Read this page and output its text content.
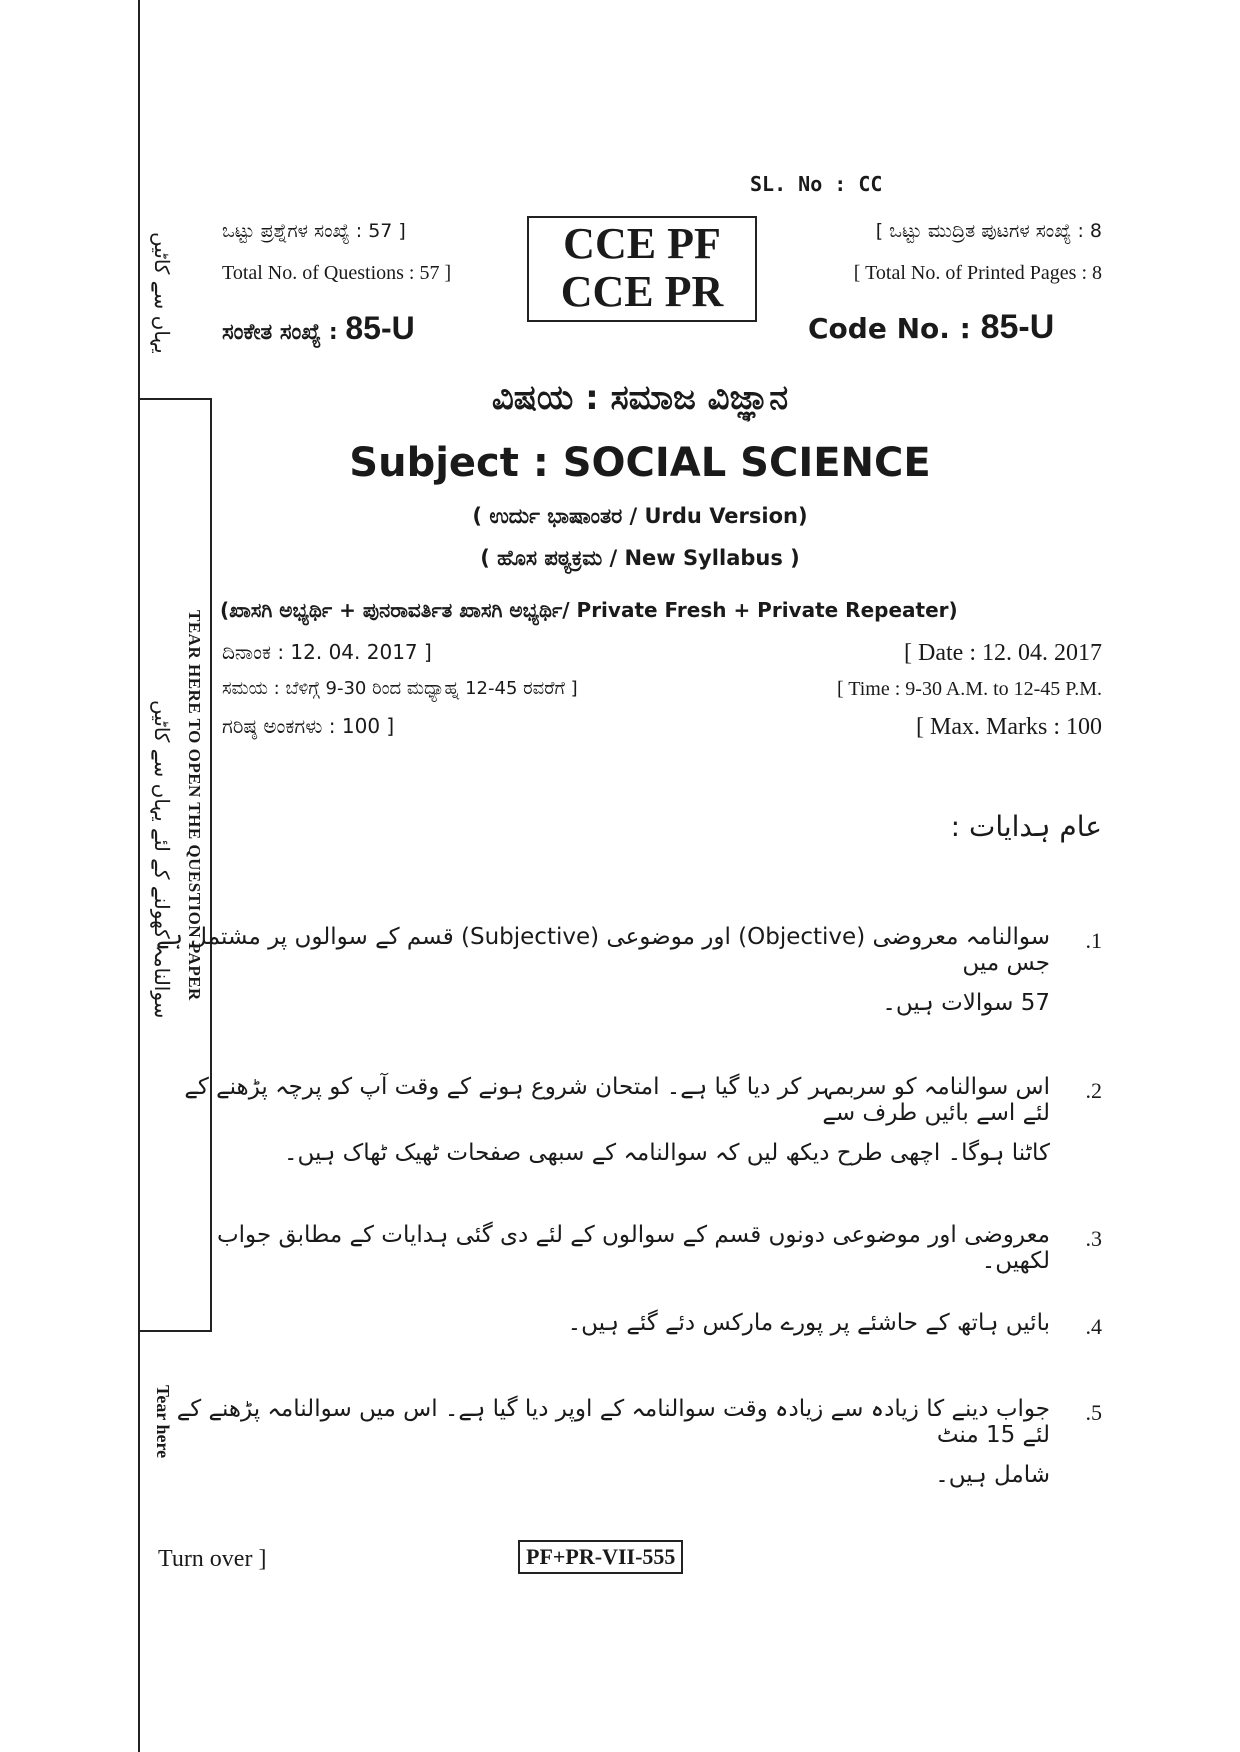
یہاں سے کاٹیں
TEAR HERE TO OPEN THE QUESTION PAPER
سوالنامہ کھولنے کے لئے یہاں سے کاٹیں
Tear here
SL. No : CC
ಒಟ್ಟು ಪ್ರಶ್ನೆಗಳ ಸಂಖ್ಯೆ : 57 ]
Total No. of Questions : 57 ]
CCE PF
CCE PR
[ ಒಟ್ಟು ಮುದ್ರಿತ ಪುಟಗಳ ಸಂಖ್ಯೆ : 8
[ Total No. of Printed Pages : 8
ಸಂಕೇತ ಸಂಖ್ಯೆ : 85-U	Code No. : 85-U
ವಿಷಯ : ಸಮಾಜ ವಿಜ್ಞಾನ
Subject : SOCIAL SCIENCE
( ಉರ್ದು ಭಾಷಾಂತರ / Urdu Version)
( ಹೊಸ ಪಠ್ಯಕ್ರಮ / New Syllabus )
(ಖಾಸಗಿ ಅಭ್ಯರ್ಥಿ + ಪುನರಾವರ್ತಿತ ಖಾಸಗಿ ಅಭ್ಯರ್ಥಿ/ Private Fresh + Private Repeater)
ದಿನಾಂಕ : 12. 04. 2017 ]	[ Date : 12. 04. 2017
ಸಮಯ : ಬೆಳಿಗ್ಗೆ 9-30 ರಿಂದ ಮಧ್ಯಾಹ್ನ 12-45 ರವರೆಗೆ ]	[ Time : 9-30 A.M. to 12-45 P.M.
ಗರಿಷ್ಠ ಅಂಕಗಳು : 100 ]	[ Max. Marks : 100
عام ہدایات :
.1
سوالنامہ معروضی (Objective) اور موضوعی (Subjective) قسم کے سوالوں پر مشتمل ہے جس میں
57 سوالات ہیں۔
.2
اس سوالنامہ کو سربمہر کر دیا گیا ہے۔ امتحان شروع ہونے کے وقت آپ کو پرچہ پڑھنے کے لئے اسے بائیں طرف سے
کاٹنا ہوگا۔ اچھی طرح دیکھ لیں کہ سوالنامہ کے سبھی صفحات ٹھیک ٹھاک ہیں۔
.3
معروضی اور موضوعی دونوں قسم کے سوالوں کے لئے دی گئی ہدایات کے مطابق جواب لکھیں۔
.4
بائیں ہاتھ کے حاشئے پر پورے مارکس دئے گئے ہیں۔
.5
جواب دینے کا زیادہ سے زیادہ وقت سوالنامہ کے اوپر دیا گیا ہے۔ اس میں سوالنامہ پڑھنے کے لئے 15 منٹ
شامل ہیں۔
Turn over ]	PF+PR-VII-555
